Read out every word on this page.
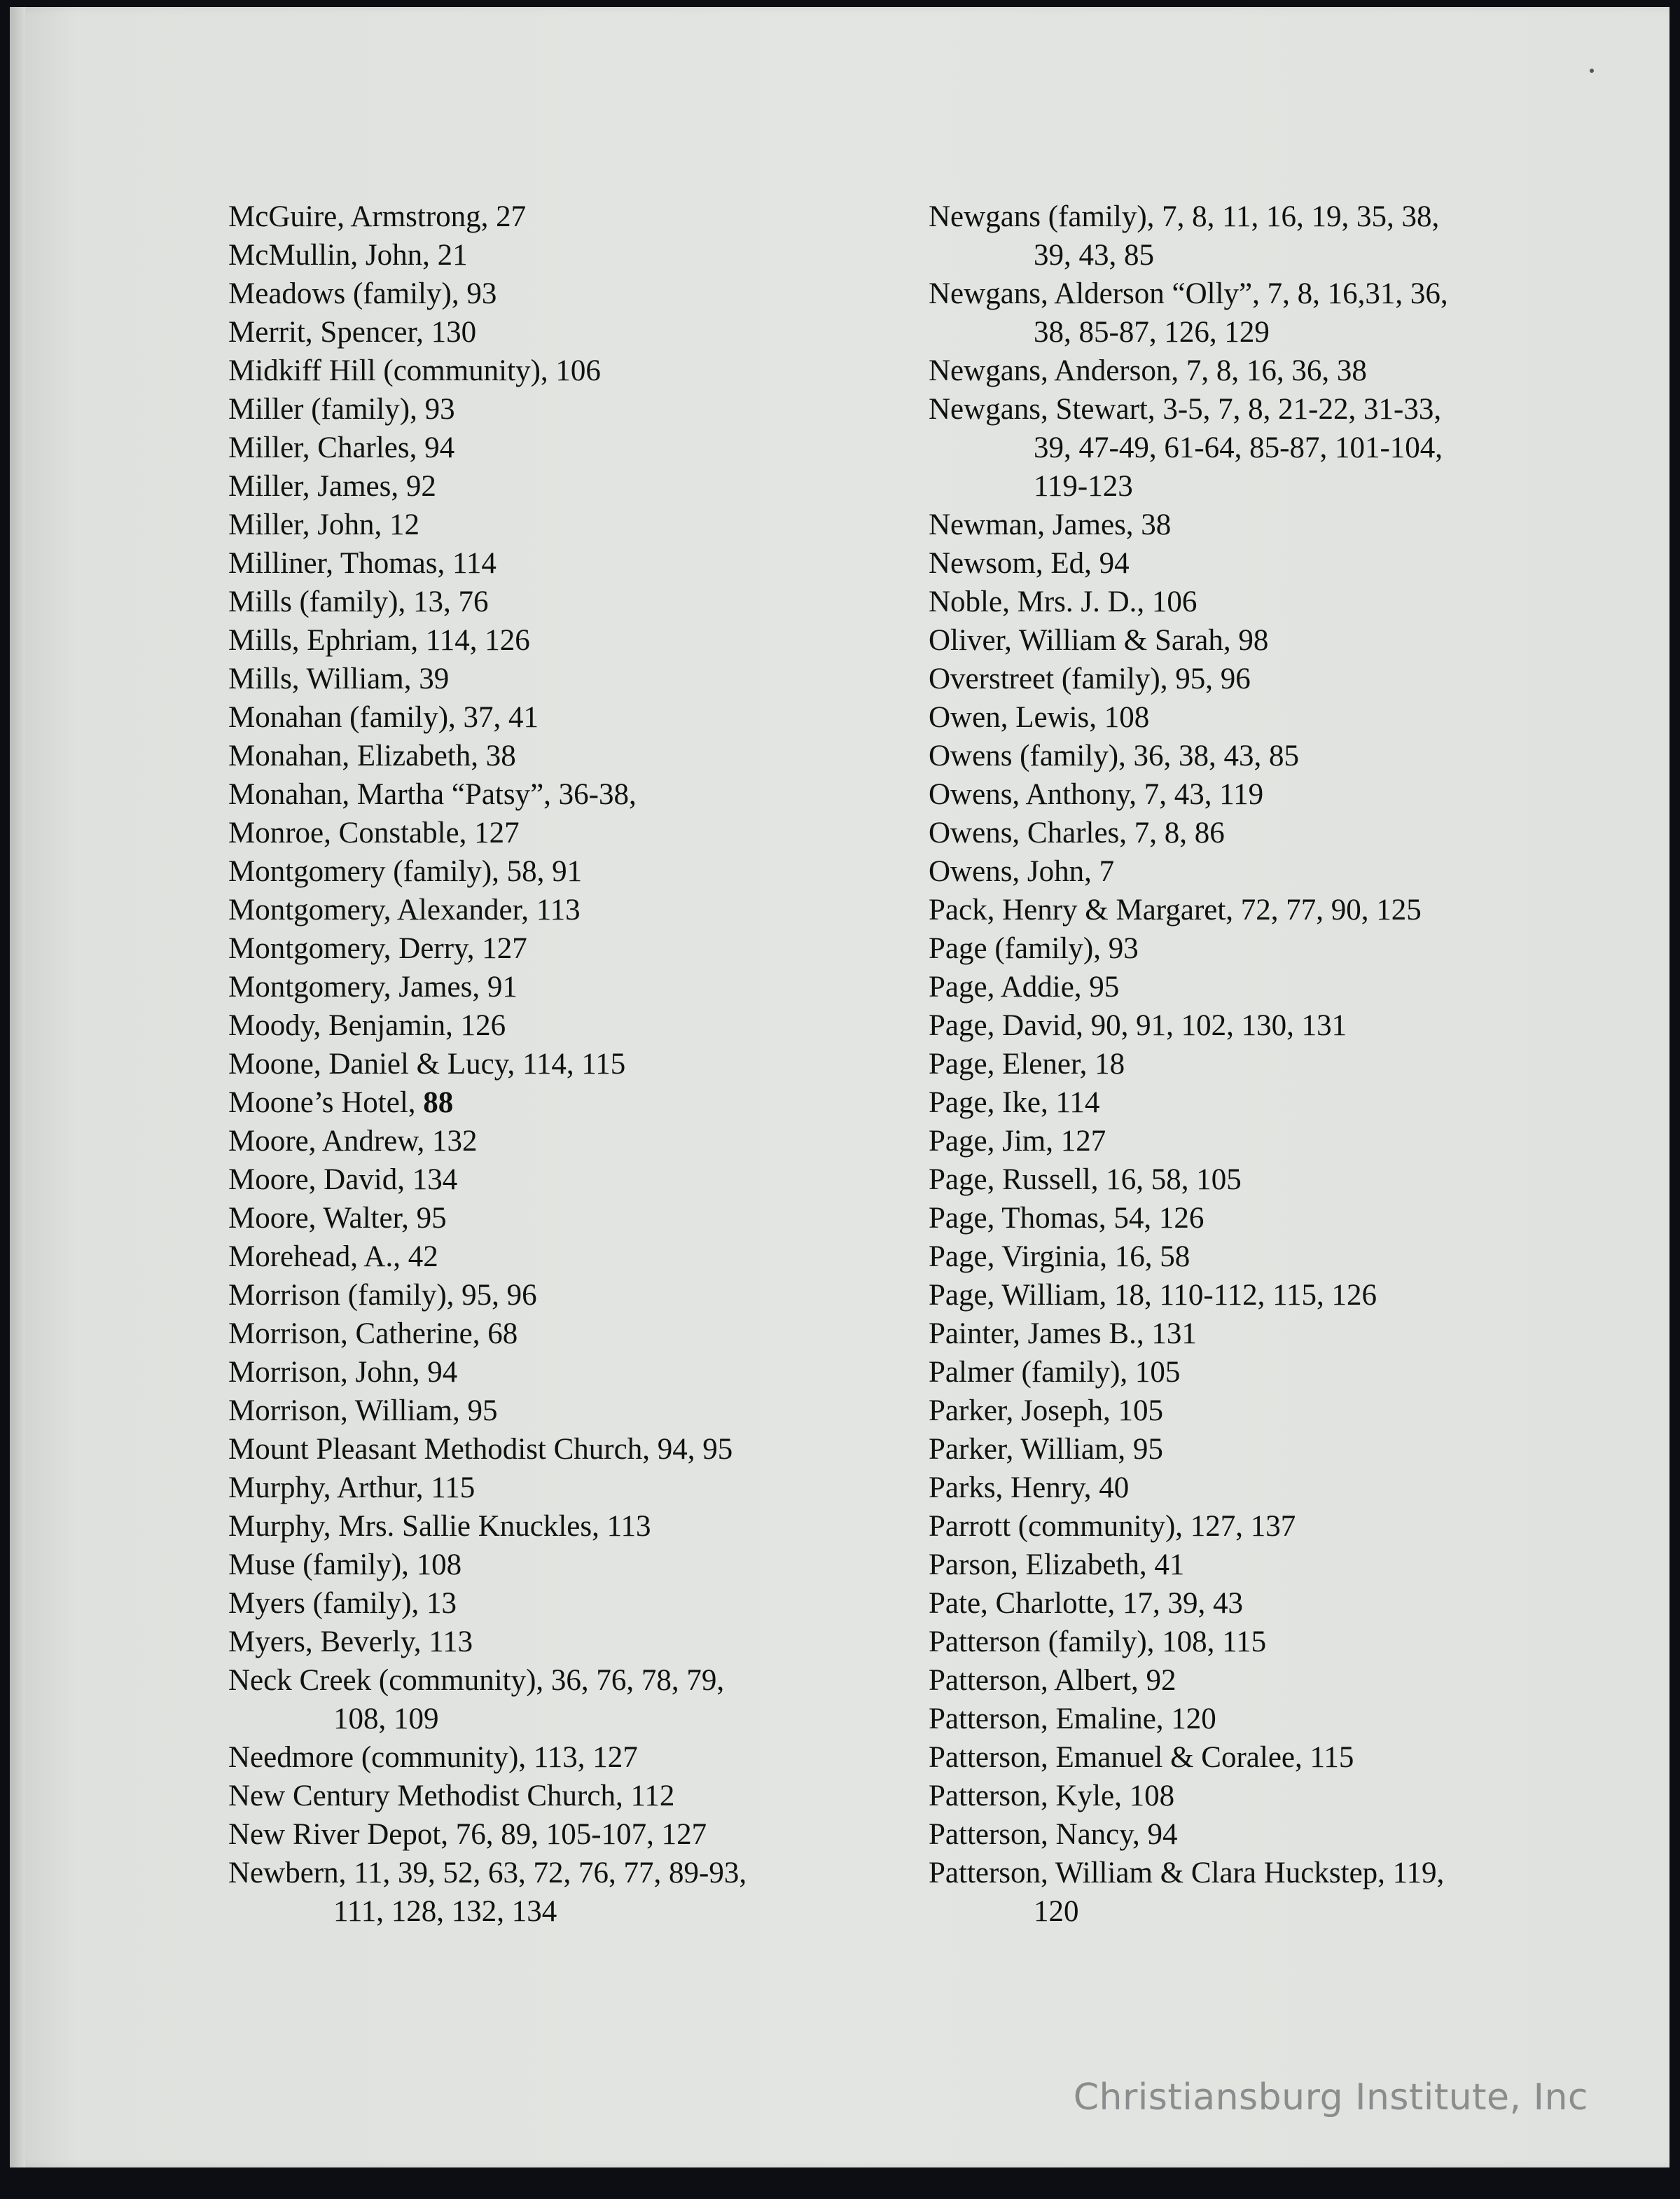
McGuire, Armstrong, 27
McMullin, John, 21
Meadows (family), 93
Merrit, Spencer, 130
Midkiff Hill (community), 106
Miller (family), 93
Miller, Charles, 94
Miller, James, 92
Miller, John, 12
Milliner, Thomas, 114
Mills (family), 13, 76
Mills, Ephriam, 114, 126
Mills, William, 39
Monahan (family), 37, 41
Monahan, Elizabeth, 38
Monahan, Martha “Patsy”, 36-38,
Monroe, Constable, 127
Montgomery (family), 58, 91
Montgomery, Alexander, 113
Montgomery, Derry, 127
Montgomery, James, 91
Moody, Benjamin, 126
Moone, Daniel & Lucy, 114, 115
Moone’s Hotel, 88
Moore, Andrew, 132
Moore, David, 134
Moore, Walter, 95
Morehead, A., 42
Morrison (family), 95, 96
Morrison, Catherine, 68
Morrison, John, 94
Morrison, William, 95
Mount Pleasant Methodist Church, 94, 95
Murphy, Arthur, 115
Murphy, Mrs. Sallie Knuckles, 113
Muse (family), 108
Myers (family), 13
Myers, Beverly, 113
Neck Creek (community), 36, 76, 78, 79,
108, 109
Needmore (community), 113, 127
New Century Methodist Church, 112
New River Depot, 76, 89, 105-107, 127
Newbern, 11, 39, 52, 63, 72, 76, 77, 89-93,
111, 128, 132, 134
Newgans (family), 7, 8, 11, 16, 19, 35, 38,
39, 43, 85
Newgans, Alderson “Olly”, 7, 8, 16,31, 36,
38, 85-87, 126, 129
Newgans, Anderson, 7, 8, 16, 36, 38
Newgans, Stewart, 3-5, 7, 8, 21-22, 31-33,
39, 47-49, 61-64, 85-87, 101-104,
119-123
Newman, James, 38
Newsom, Ed, 94
Noble, Mrs. J. D., 106
Oliver, William & Sarah, 98
Overstreet (family), 95, 96
Owen, Lewis, 108
Owens (family), 36, 38, 43, 85
Owens, Anthony, 7, 43, 119
Owens, Charles, 7, 8, 86
Owens, John, 7
Pack, Henry & Margaret, 72, 77, 90, 125
Page (family), 93
Page, Addie, 95
Page, David, 90, 91, 102, 130, 131
Page, Elener, 18
Page, Ike, 114
Page, Jim, 127
Page, Russell, 16, 58, 105
Page, Thomas, 54, 126
Page, Virginia, 16, 58
Page, William, 18, 110-112, 115, 126
Painter, James B., 131
Palmer (family), 105
Parker, Joseph, 105
Parker, William, 95
Parks, Henry, 40
Parrott (community), 127, 137
Parson, Elizabeth, 41
Pate, Charlotte, 17, 39, 43
Patterson (family), 108, 115
Patterson, Albert, 92
Patterson, Emaline, 120
Patterson, Emanuel & Coralee, 115
Patterson, Kyle, 108
Patterson, Nancy, 94
Patterson, William & Clara Huckstep, 119,
120
Christiansburg Institute, Inc
